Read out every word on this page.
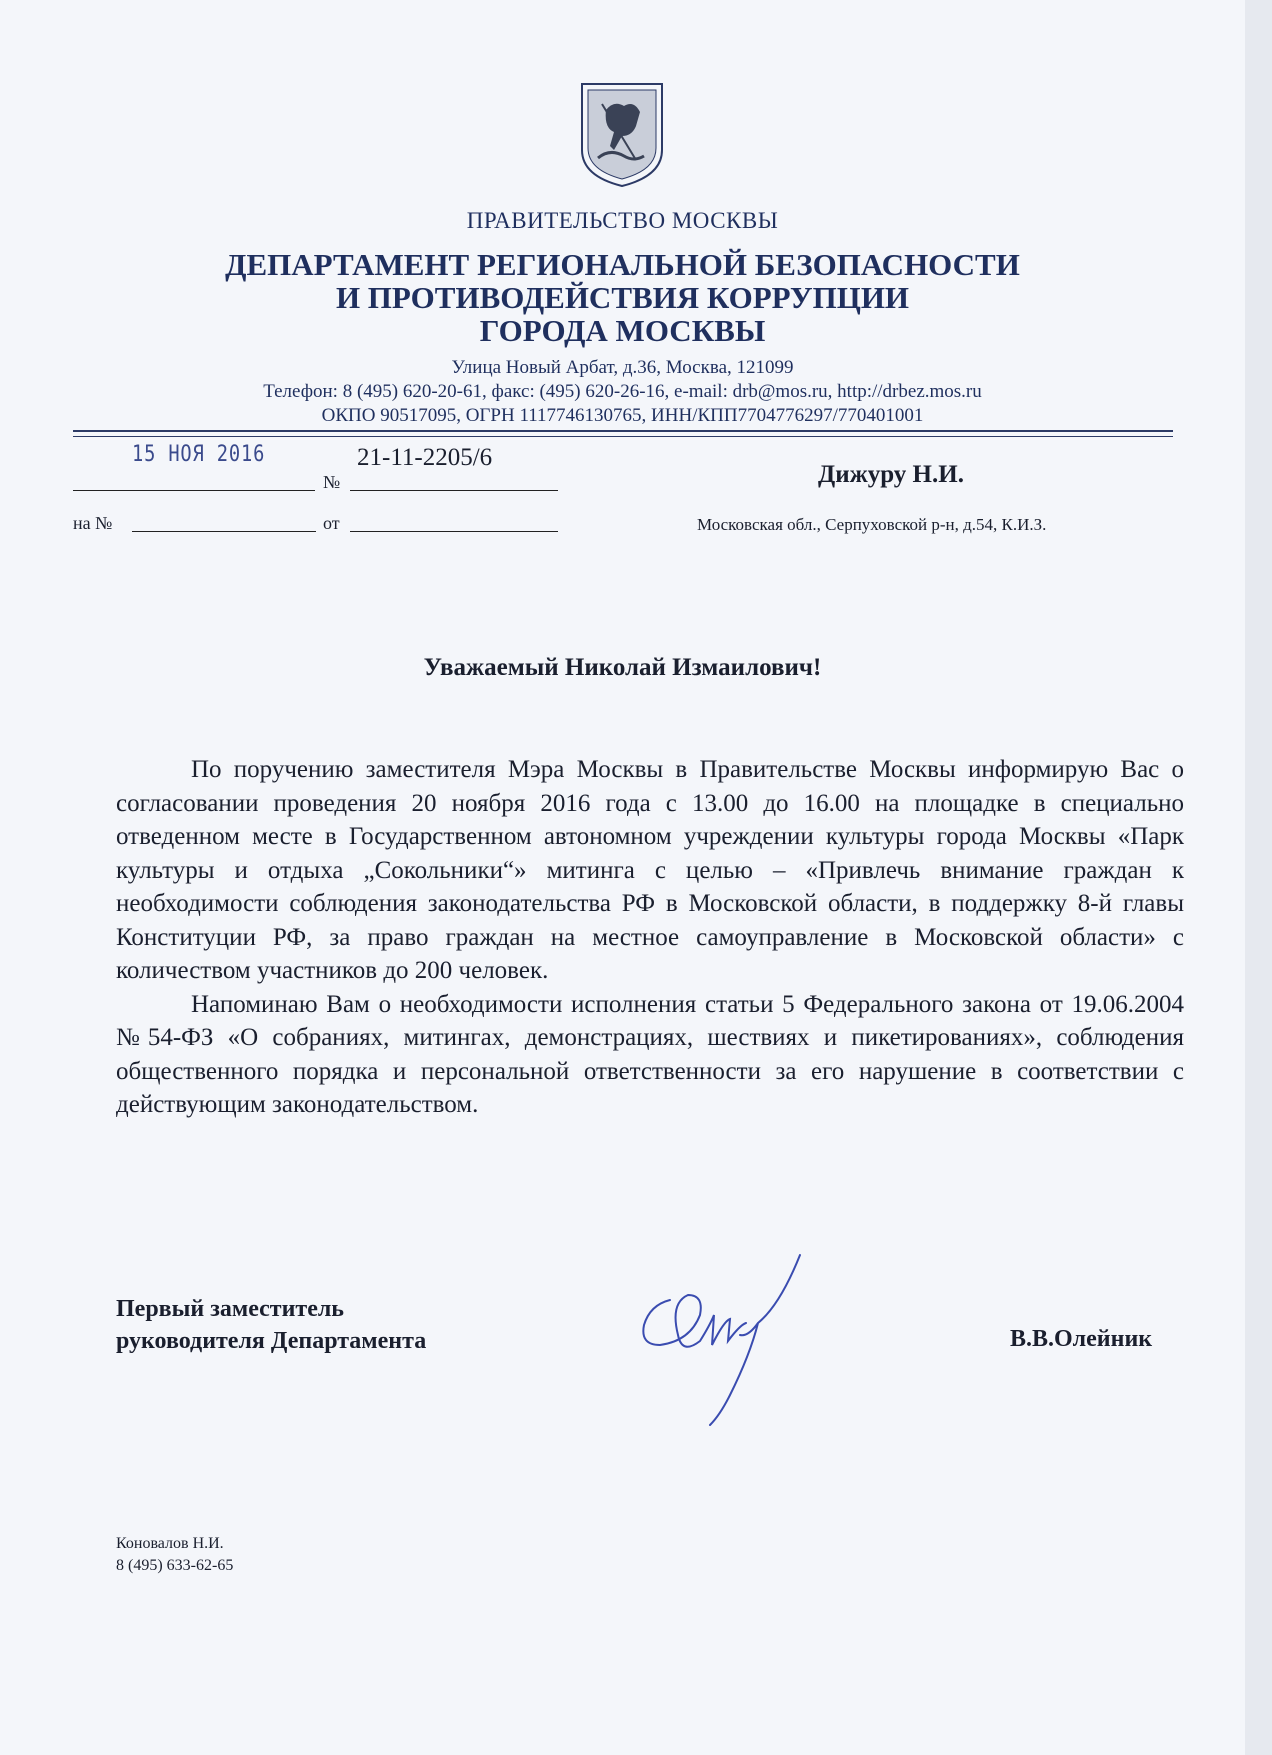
ПРАВИТЕЛЬСТВО МОСКВЫ
ДЕПАРТАМЕНТ РЕГИОНАЛЬНОЙ БЕЗОПАСНОСТИ
И ПРОТИВОДЕЙСТВИЯ КОРРУПЦИИ
ГОРОДА МОСКВЫ
Улица Новый Арбат, д.36, Москва, 121099
Телефон: 8 (495) 620-20-61, факс: (495) 620-26-16, e-mail: drb@mos.ru, http://drbez.mos.ru
ОКПО 90517095, ОГРН 1117746130765, ИНН/КПП7704776297/770401001
15 НОЯ 2016	21-11-2205/6
№
на №	от
Дижуру Н.И.
Московская обл., Серпуховской р-н, д.54, К.И.З.
Уважаемый Николай Измаилович!

По поручению заместителя Мэра Москвы в Правительстве Москвы информирую Вас о согласовании проведения 20 ноября 2016 года с 13.00 до 16.00 на площадке в специально отведенном месте в Государственном автономном учреждении культуры города Москвы «Парк культуры и отдыха „Сокольники“» митинга с целью – «Привлечь внимание граждан к необходимости соблюдения законодательства РФ в Московской области, в поддержку 8-й главы Конституции РФ, за право граждан на местное самоуправление в Московской области» с количеством участников до 200 человек.

Напоминаю Вам о необходимости исполнения статьи 5 Федерального закона от 19.06.2004 №54-ФЗ «О собраниях, митингах, демонстрациях, шествиях и пикетированиях», соблюдения общественного порядка и персональной ответственности за его нарушение в соответствии с действующим законодательством.

Первый заместитель
руководителя Департамента	В.В.Олейник
Коновалов Н.И.
8 (495) 633-62-65
